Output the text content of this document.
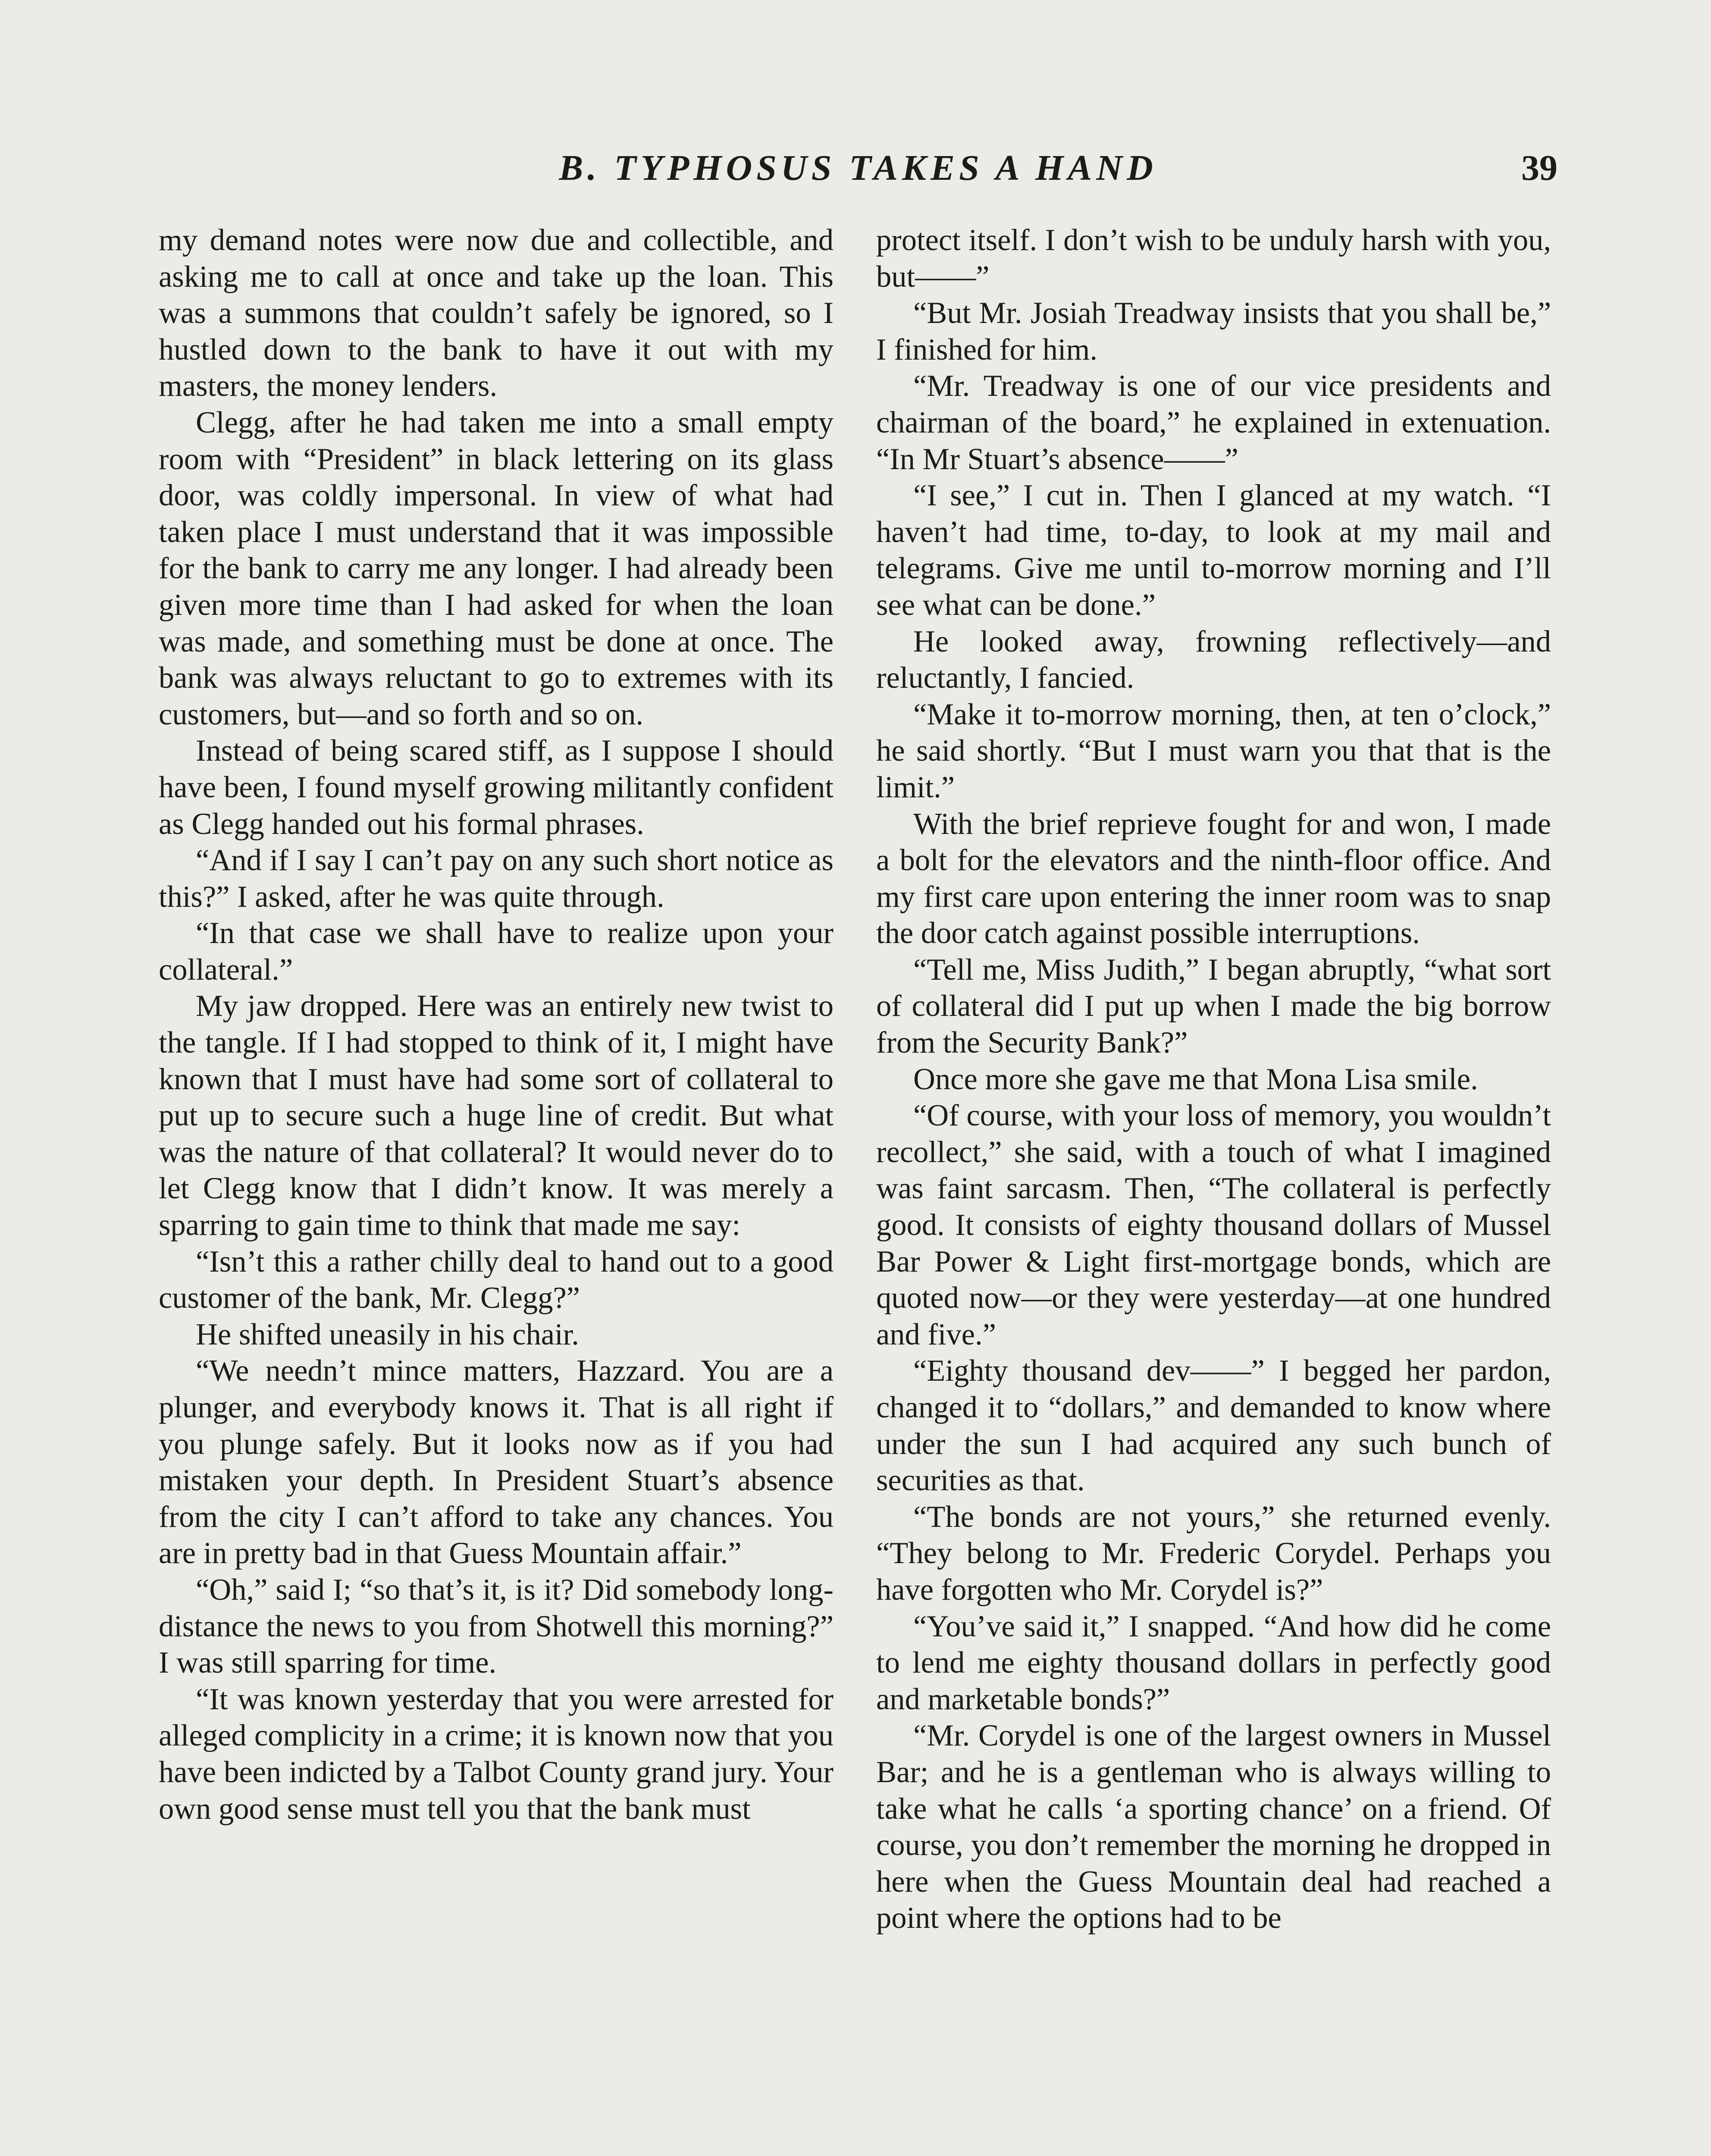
B. TYPHOSUS TAKES A HAND	39

my demand notes were now due and collectible, and asking me to call at once and take up the loan. This was a summons that couldn’t safely be ignored, so I hustled down to the bank to have it out with my masters, the money lenders.

Clegg, after he had taken me into a small empty room with “President” in black lettering on its glass door, was coldly impersonal. In view of what had taken place I must understand that it was impossible for the bank to carry me any longer. I had already been given more time than I had asked for when the loan was made, and something must be done at once. The bank was always reluctant to go to extremes with its customers, but—and so forth and so on.

Instead of being scared stiff, as I suppose I should have been, I found myself growing militantly confident as Clegg handed out his formal phrases.

“And if I say I can’t pay on any such short notice as this?” I asked, after he was quite through.

“In that case we shall have to realize upon your collateral.”

My jaw dropped. Here was an entirely new twist to the tangle. If I had stopped to think of it, I might have known that I must have had some sort of collateral to put up to secure such a huge line of credit. But what was the nature of that collateral? It would never do to let Clegg know that I didn’t know. It was merely a sparring to gain time to think that made me say:

“Isn’t this a rather chilly deal to hand out to a good customer of the bank, Mr. Clegg?”

He shifted uneasily in his chair.

“We needn’t mince matters, Hazzard. You are a plunger, and everybody knows it. That is all right if you plunge safely. But it looks now as if you had mistaken your depth. In President Stuart’s absence from the city I can’t afford to take any chances. You are in pretty bad in that Guess Mountain affair.”

“Oh,” said I; “so that’s it, is it? Did somebody long-distance the news to you from Shotwell this morning?” I was still sparring for time.

“It was known yesterday that you were arrested for alleged complicity in a crime; it is known now that you have been indicted by a Talbot County grand jury. Your own good sense must tell you that the bank must

protect itself. I don’t wish to be unduly harsh with you, but——”

“But Mr. Josiah Treadway insists that you shall be,” I finished for him.

“Mr. Treadway is one of our vice presidents and chairman of the board,” he explained in extenuation. “In Mr Stuart’s absence——”

“I see,” I cut in. Then I glanced at my watch. “I haven’t had time, to-day, to look at my mail and telegrams. Give me until to-morrow morning and I’ll see what can be done.”

He looked away, frowning reflectively—and reluctantly, I fancied.

“Make it to-morrow morning, then, at ten o’clock,” he said shortly. “But I must warn you that that is the limit.”

With the brief reprieve fought for and won, I made a bolt for the elevators and the ninth-floor office. And my first care upon entering the inner room was to snap the door catch against possible interruptions.

“Tell me, Miss Judith,” I began abruptly, “what sort of collateral did I put up when I made the big borrow from the Security Bank?”

Once more she gave me that Mona Lisa smile.

“Of course, with your loss of memory, you wouldn’t recollect,” she said, with a touch of what I imagined was faint sarcasm. Then, “The collateral is perfectly good. It consists of eighty thousand dollars of Mussel Bar Power & Light first-mortgage bonds, which are quoted now—or they were yesterday—at one hundred and five.”

“Eighty thousand dev——” I begged her pardon, changed it to “dollars,” and demanded to know where under the sun I had acquired any such bunch of securities as that.

“The bonds are not yours,” she returned evenly. “They belong to Mr. Frederic Corydel. Perhaps you have forgotten who Mr. Corydel is?”

“You’ve said it,” I snapped. “And how did he come to lend me eighty thousand dollars in perfectly good and marketable bonds?”

“Mr. Corydel is one of the largest owners in Mussel Bar; and he is a gentleman who is always willing to take what he calls ‘a sporting chance’ on a friend. Of course, you don’t remember the morning he dropped in here when the Guess Mountain deal had reached a point where the options had to be
